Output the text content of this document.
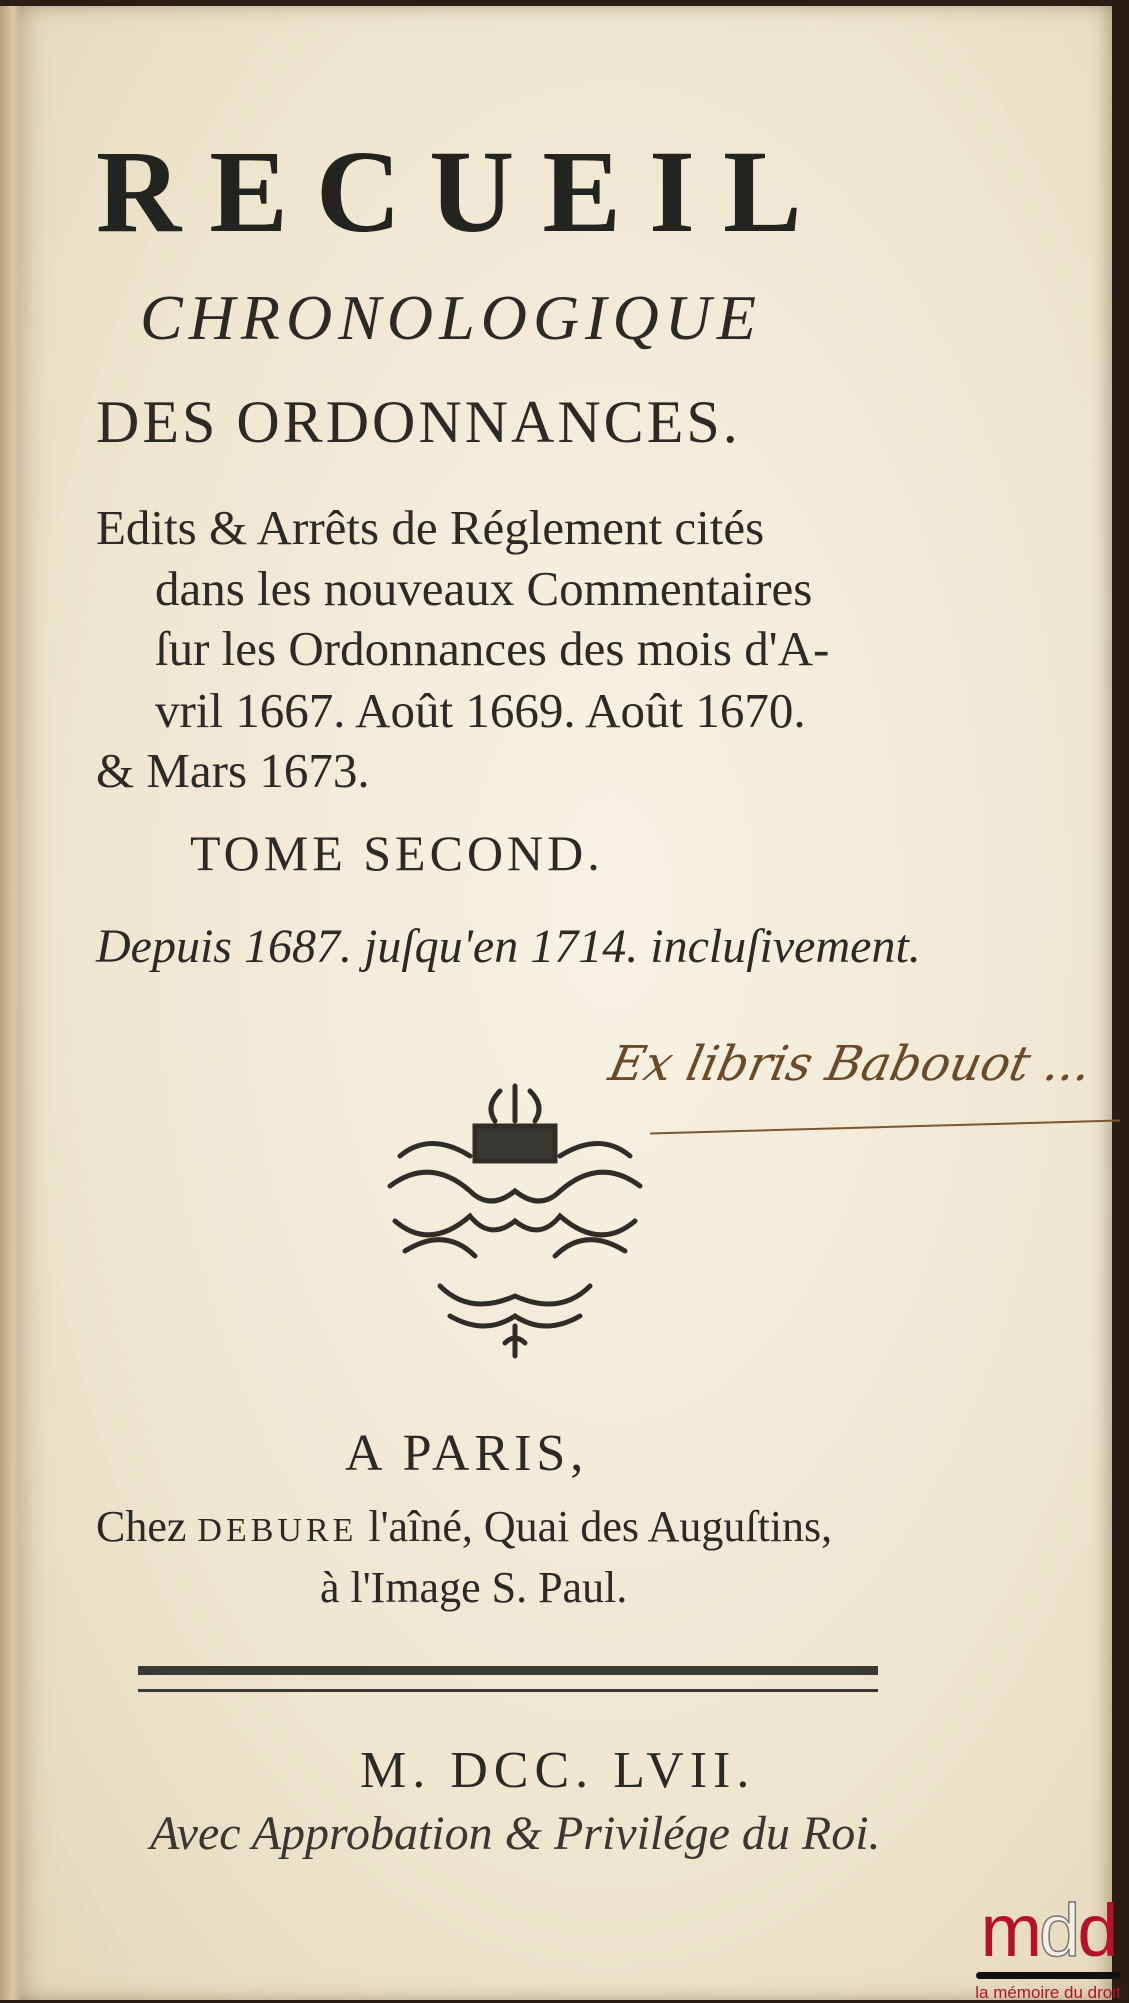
RECUEIL
CHRONOLOGIQUE
DES ORDONNANCES.
Edits & Arrêts de Réglement cités
dans les nouveaux Commentaires
ſur les Ordonnances des mois d'A-
vril 1667. Août 1669. Août 1670.
& Mars 1673.
TOME SECOND.
Depuis 1687. juſqu'en 1714. incluſivement.
Ex libris Babouot ...
A PARIS,
Chez DEBURE l'aîné, Quai des Auguſtins,
à l'Image S. Paul.
M. DCC. LVII.
Avec Approbation & Privilége du Roi.
mdd
la mémoire du droit
